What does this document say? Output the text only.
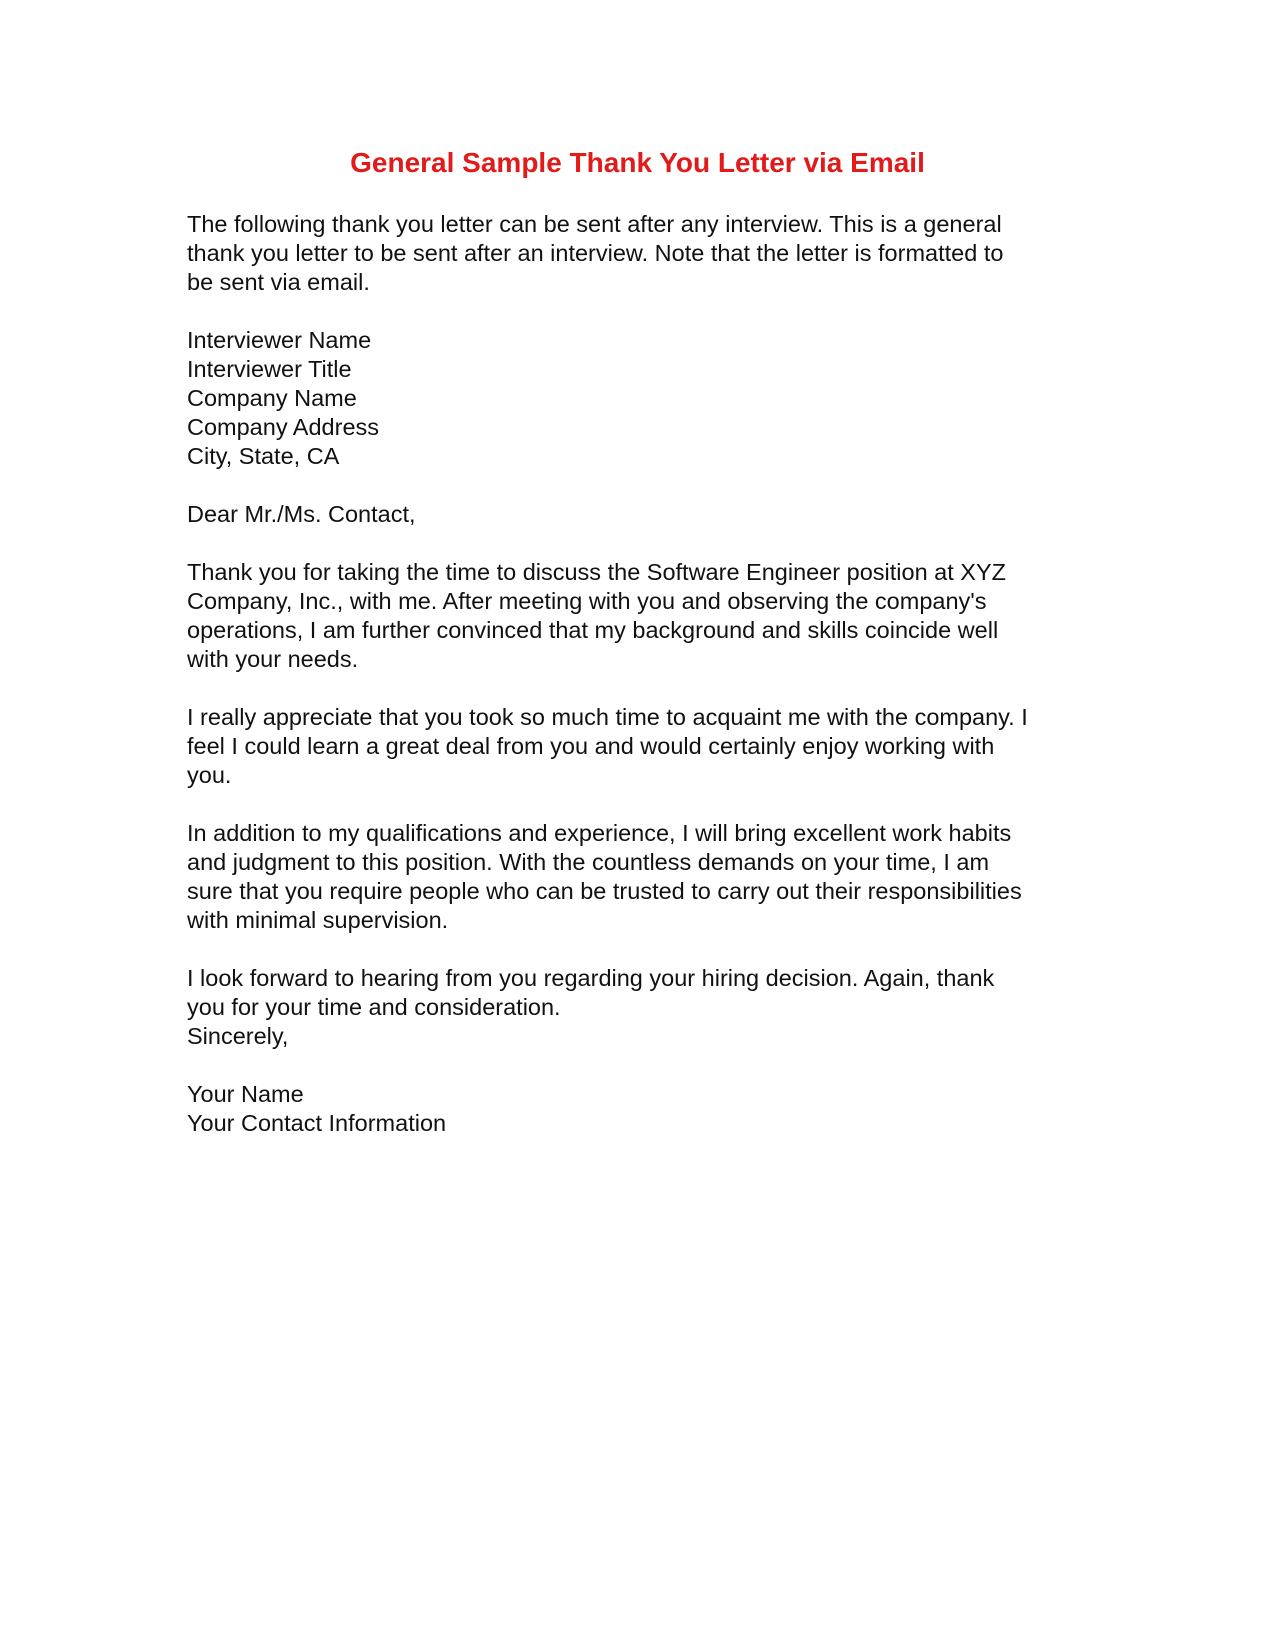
General Sample Thank You Letter via Email
The following thank you letter can be sent after any interview. This is a general
thank you letter to be sent after an interview. Note that the letter is formatted to
be sent via email.
Interviewer Name
Interviewer Title
Company Name
Company Address
City, State, CA
Dear Mr./Ms. Contact,
Thank you for taking the time to discuss the Software Engineer position at XYZ
Company, Inc., with me. After meeting with you and observing the company's
operations, I am further convinced that my background and skills coincide well
with your needs.
I really appreciate that you took so much time to acquaint me with the company. I
feel I could learn a great deal from you and would certainly enjoy working with
you.
In addition to my qualifications and experience, I will bring excellent work habits
and judgment to this position. With the countless demands on your time, I am
sure that you require people who can be trusted to carry out their responsibilities
with minimal supervision.
I look forward to hearing from you regarding your hiring decision. Again, thank
you for your time and consideration.
Sincerely,
Your Name
Your Contact Information
